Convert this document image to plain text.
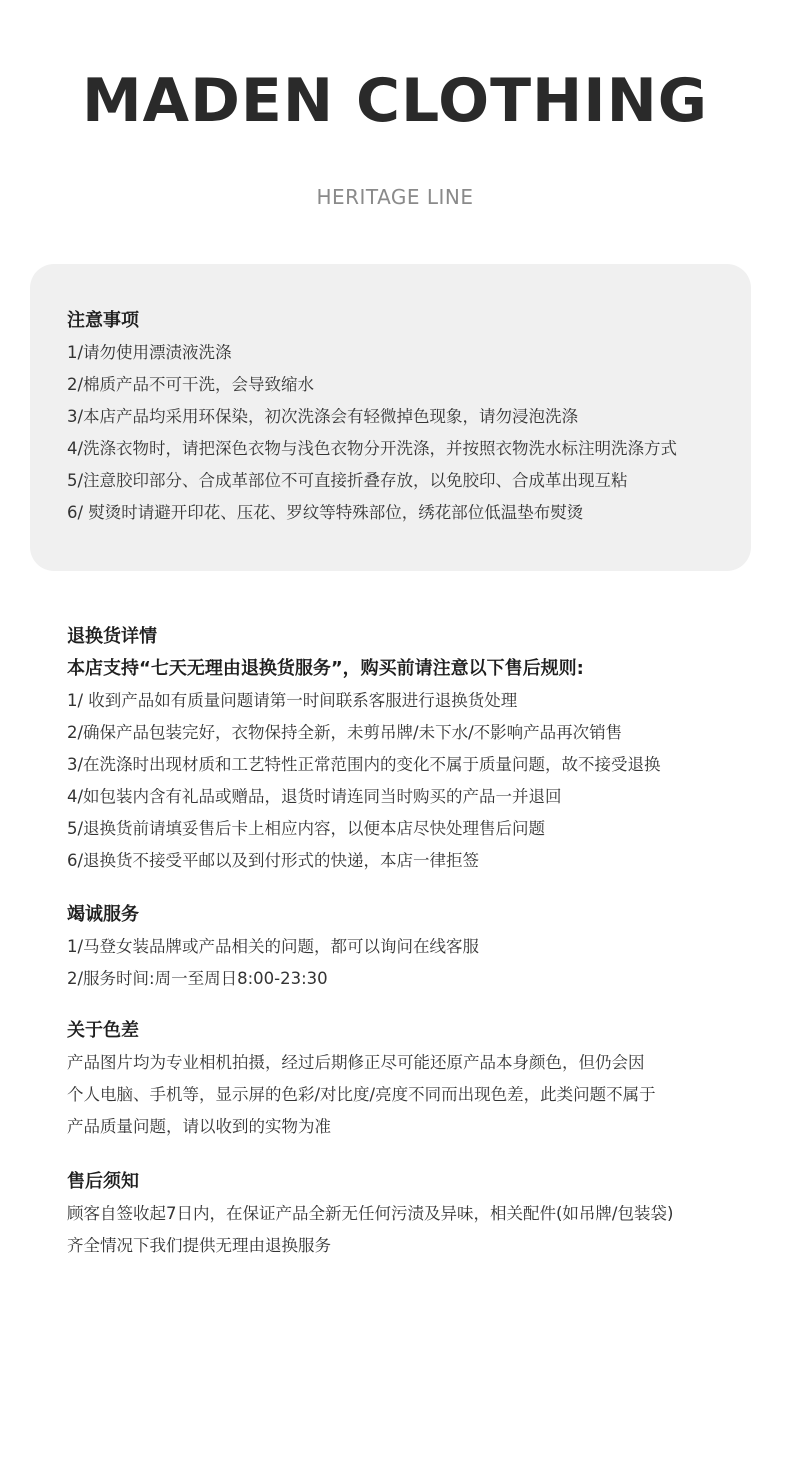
MADEN CLOTHING
HERITAGE LINE
注意事项
1/请勿使用漂渍液洗涤
2/棉质产品不可干洗，会导致缩水
3/本店产品均采用环保染，初次洗涤会有轻微掉色现象，请勿浸泡洗涤
4/洗涤衣物时，请把深色衣物与浅色衣物分开洗涤，并按照衣物洗水标注明洗涤方式
5/注意胶印部分、合成革部位不可直接折叠存放，以免胶印、合成革出现互粘
6/ 熨烫时请避开印花、压花、罗纹等特殊部位，绣花部位低温垫布熨烫
退换货详情
本店支持“七天无理由退换货服务”，购买前请注意以下售后规则:
1/ 收到产品如有质量问题请第一时间联系客服进行退换货处理
2/确保产品包装完好，衣物保持全新，未剪吊牌/未下水/不影响产品再次销售
3/在洗涤时出现材质和工艺特性正常范围内的变化不属于质量问题，故不接受退换
4/如包装内含有礼品或赠品，退货时请连同当时购买的产品一并退回
5/退换货前请填妥售后卡上相应内容，以便本店尽快处理售后问题
6/退换货不接受平邮以及到付形式的快递，本店一律拒签
竭诚服务
1/马登女装品牌或产品相关的问题，都可以询问在线客服
2/服务时间:周一至周日8:00-23:30
关于色差
产品图片均为专业相机拍摄，经过后期修正尽可能还原产品本身颜色，但仍会因
个人电脑、手机等，显示屏的色彩/对比度/亮度不同而出现色差，此类问题不属于
产品质量问题，请以收到的实物为准
售后须知
顾客自签收起7日内，在保证产品全新无任何污渍及异味，相关配件(如吊牌/包装袋)
齐全情况下我们提供无理由退换服务
